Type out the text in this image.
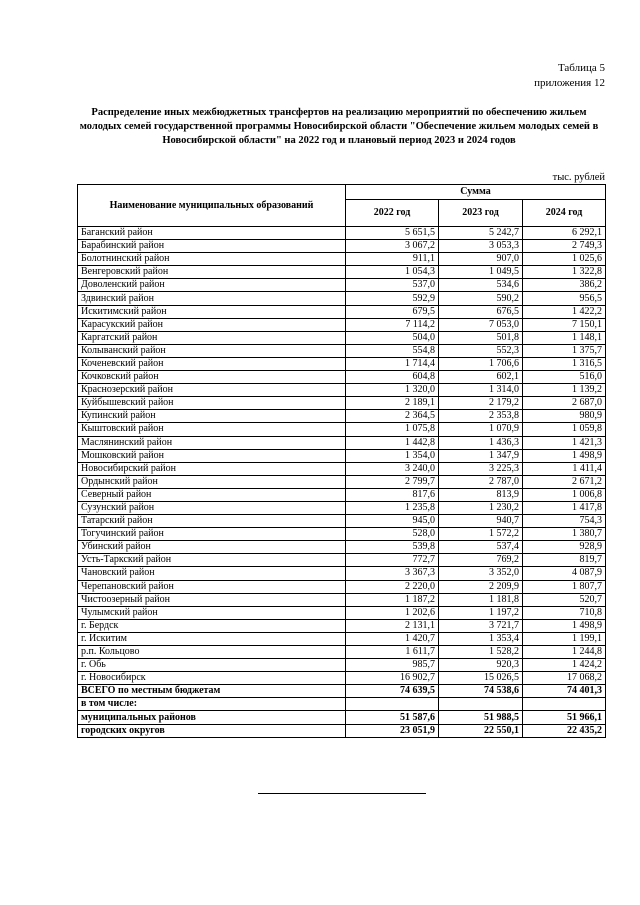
Таблица 5
приложения 12
Распределение иных межбюджетных трансфертов на реализацию мероприятий по обеспечению жильем молодых семей государственной программы Новосибирской области "Обеспечение жильем молодых семей в Новосибирской области" на 2022 год и плановый период 2023 и 2024 годов
тыс. рублей
Наименование муниципальных образований	Сумма		
	2022 год	2023 год	2024 год
Баганский район	5 651,5	5 242,7	6 292,1
Барабинский район	3 067,2	3 053,3	2 749,3
Болотнинский район	911,1	907,0	1 025,6
Венгеровский район	1 054,3	1 049,5	1 322,8
Доволенский район	537,0	534,6	386,2
Здвинский район	592,9	590,2	956,5
Искитимский район	679,5	676,5	1 422,2
Карасукский район	7 114,2	7 053,0	7 150,1
Каргатский район	504,0	501,8	1 148,1
Колыванский район	554,8	552,3	1 375,7
Коченевский район	1 714,4	1 706,6	1 316,5
Кочковский район	604,8	602,1	516,0
Краснозерский район	1 320,0	1 314,0	1 139,2
Куйбышевский район	2 189,1	2 179,2	2 687,0
Купинский район	2 364,5	2 353,8	980,9
Кыштовский район	1 075,8	1 070,9	1 059,8
Маслянинский район	1 442,8	1 436,3	1 421,3
Мошковский район	1 354,0	1 347,9	1 498,9
Новосибирский район	3 240,0	3 225,3	1 411,4
Ордынский район	2 799,7	2 787,0	2 671,2
Северный район	817,6	813,9	1 006,8
Сузунский район	1 235,8	1 230,2	1 417,8
Татарский район	945,0	940,7	754,3
Тогучинский район	528,0	1 572,2	1 380,7
Убинский район	539,8	537,4	928,9
Усть-Таркский район	772,7	769,2	819,7
Чановский район	3 367,3	3 352,0	4 087,9
Черепановский район	2 220,0	2 209,9	1 807,7
Чистоозерный район	1 187,2	1 181,8	520,7
Чулымский район	1 202,6	1 197,2	710,8
г. Бердск	2 131,1	3 721,7	1 498,9
г. Искитим	1 420,7	1 353,4	1 199,1
р.п. Кольцово	1 611,7	1 528,2	1 244,8
г. Обь	985,7	920,3	1 424,2
г. Новосибирск	16 902,7	15 026,5	17 068,2
ВСЕГО по местным бюджетам	74 639,5	74 538,6	74 401,3
в том числе:			
муниципальных районов	51 587,6	51 988,5	51 966,1
городских округов	23 051,9	22 550,1	22 435,2
